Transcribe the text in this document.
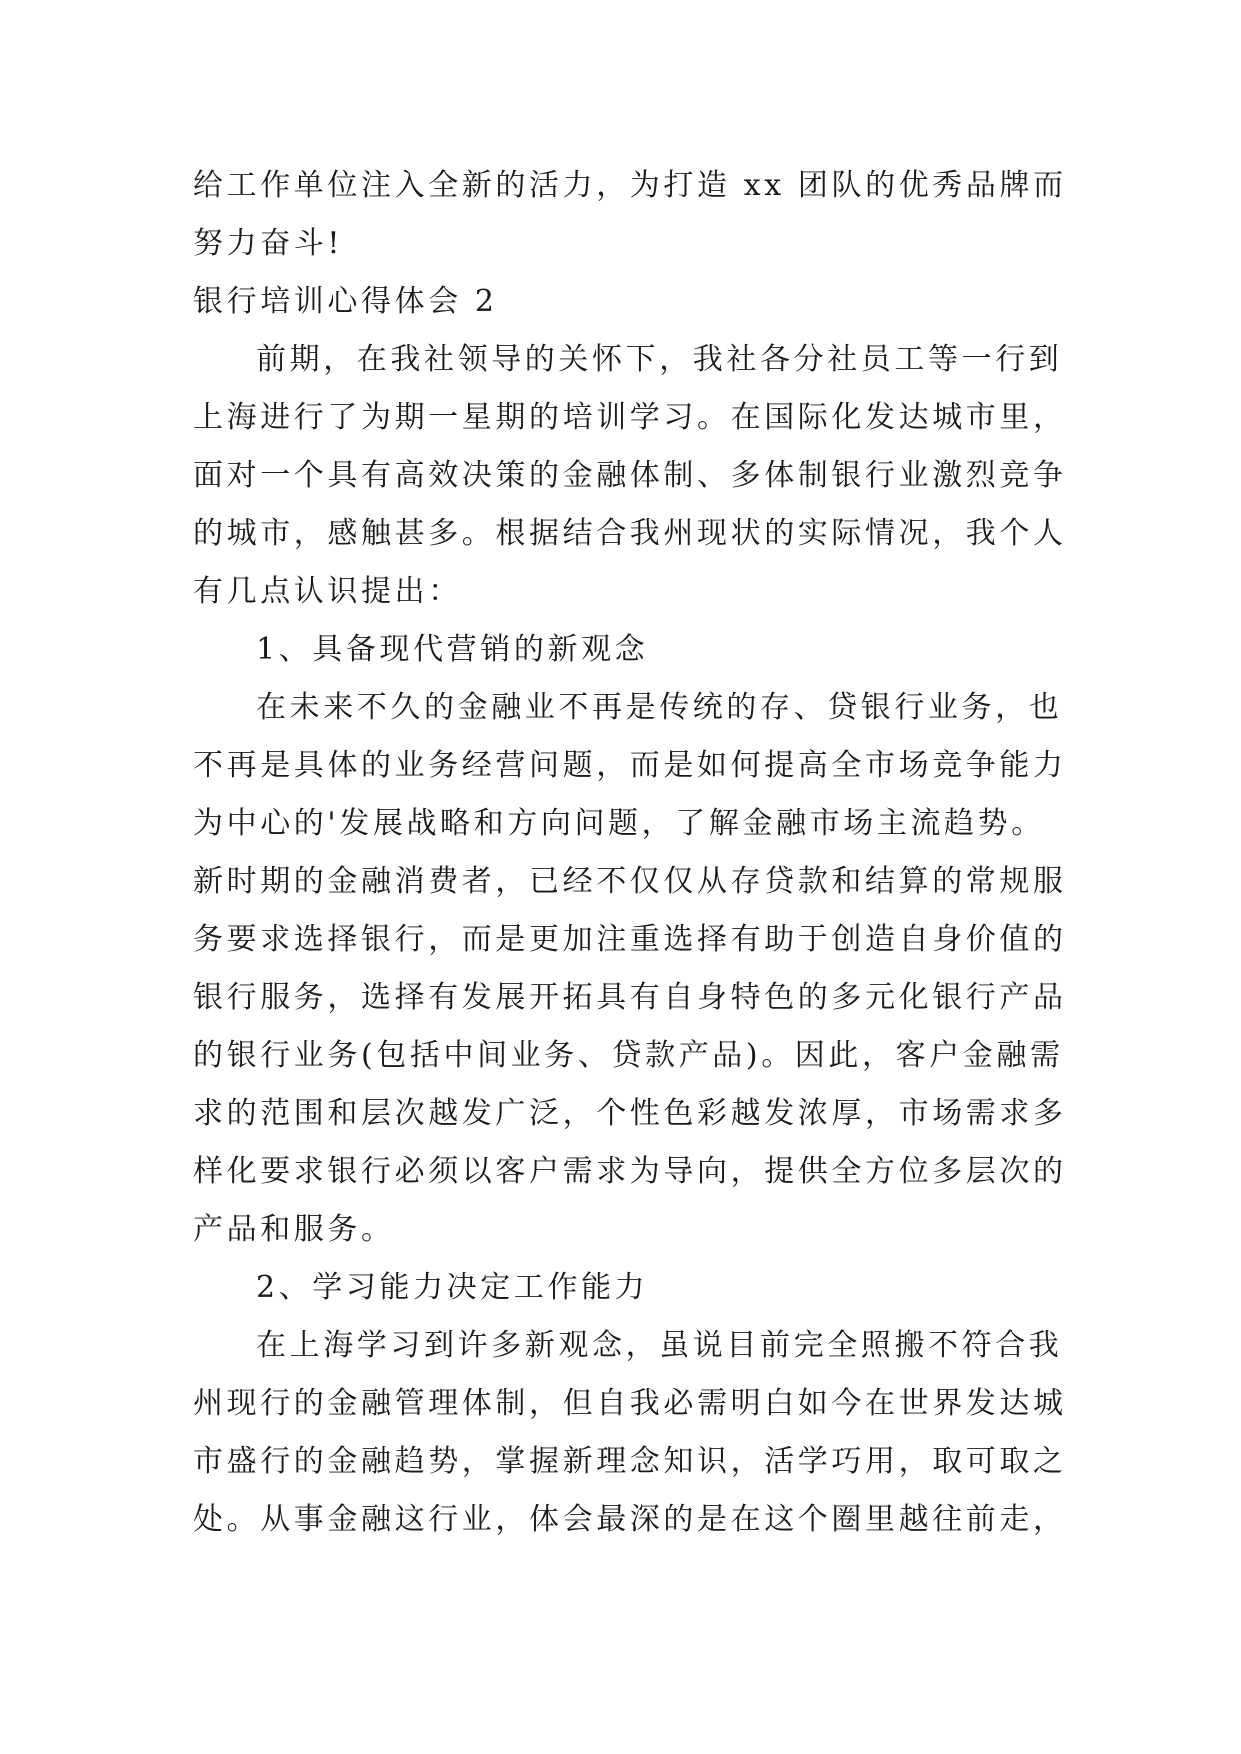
给工作单位注入全新的活力，为打造 xx 团队的优秀品牌而
努力奋斗!
银行培训心得体会 2
前期，在我社领导的关怀下，我社各分社员工等一行到
上海进行了为期一星期的培训学习。在国际化发达城市里，
面对一个具有高效决策的金融体制、多体制银行业激烈竞争
的城市，感触甚多。根据结合我州现状的实际情况，我个人
有几点认识提出：
1、具备现代营销的新观念
在未来不久的金融业不再是传统的存、贷银行业务，也
不再是具体的业务经营问题，而是如何提高全市场竞争能力
为中心的'发展战略和方向问题，了解金融市场主流趋势。
新时期的金融消费者，已经不仅仅从存贷款和结算的常规服
务要求选择银行，而是更加注重选择有助于创造自身价值的
银行服务，选择有发展开拓具有自身特色的多元化银行产品
的银行业务(包括中间业务、贷款产品)。因此，客户金融需
求的范围和层次越发广泛，个性色彩越发浓厚，市场需求多
样化要求银行必须以客户需求为导向，提供全方位多层次的
产品和服务。
2、学习能力决定工作能力
在上海学习到许多新观念，虽说目前完全照搬不符合我
州现行的金融管理体制，但自我必需明白如今在世界发达城
市盛行的金融趋势，掌握新理念知识，活学巧用，取可取之
处。从事金融这行业，体会最深的是在这个圈里越往前走，
